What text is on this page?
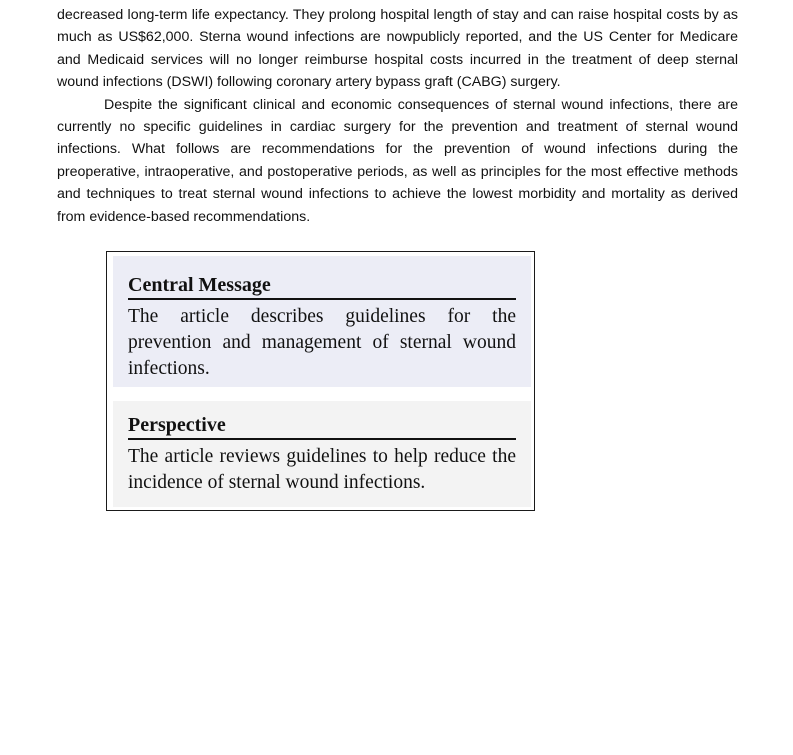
decreased long-term life expectancy. They prolong hospital length of stay and can raise hospital costs by as much as US$62,000. Sterna wound infections are nowpublicly reported, and the US Center for Medicare and Medicaid services will no longer reimburse hospital costs incurred in the treatment of deep sternal wound infections (DSWI) following coronary artery bypass graft (CABG) surgery.

Despite the significant clinical and economic consequences of sternal wound infections, there are currently no specific guidelines in cardiac surgery for the prevention and treatment of sternal wound infections. What follows are recommendations for the prevention of wound infections during the preoperative, intraoperative, and postoperative periods, as well as principles for the most effective methods and techniques to treat sternal wound infections to achieve the lowest morbidity and mortality as derived from evidence-based recommendations.

Central Message
The article describes guidelines for the prevention and management of sternal wound infections.
Perspective
The article reviews guidelines to help reduce the incidence of sternal wound infections.
